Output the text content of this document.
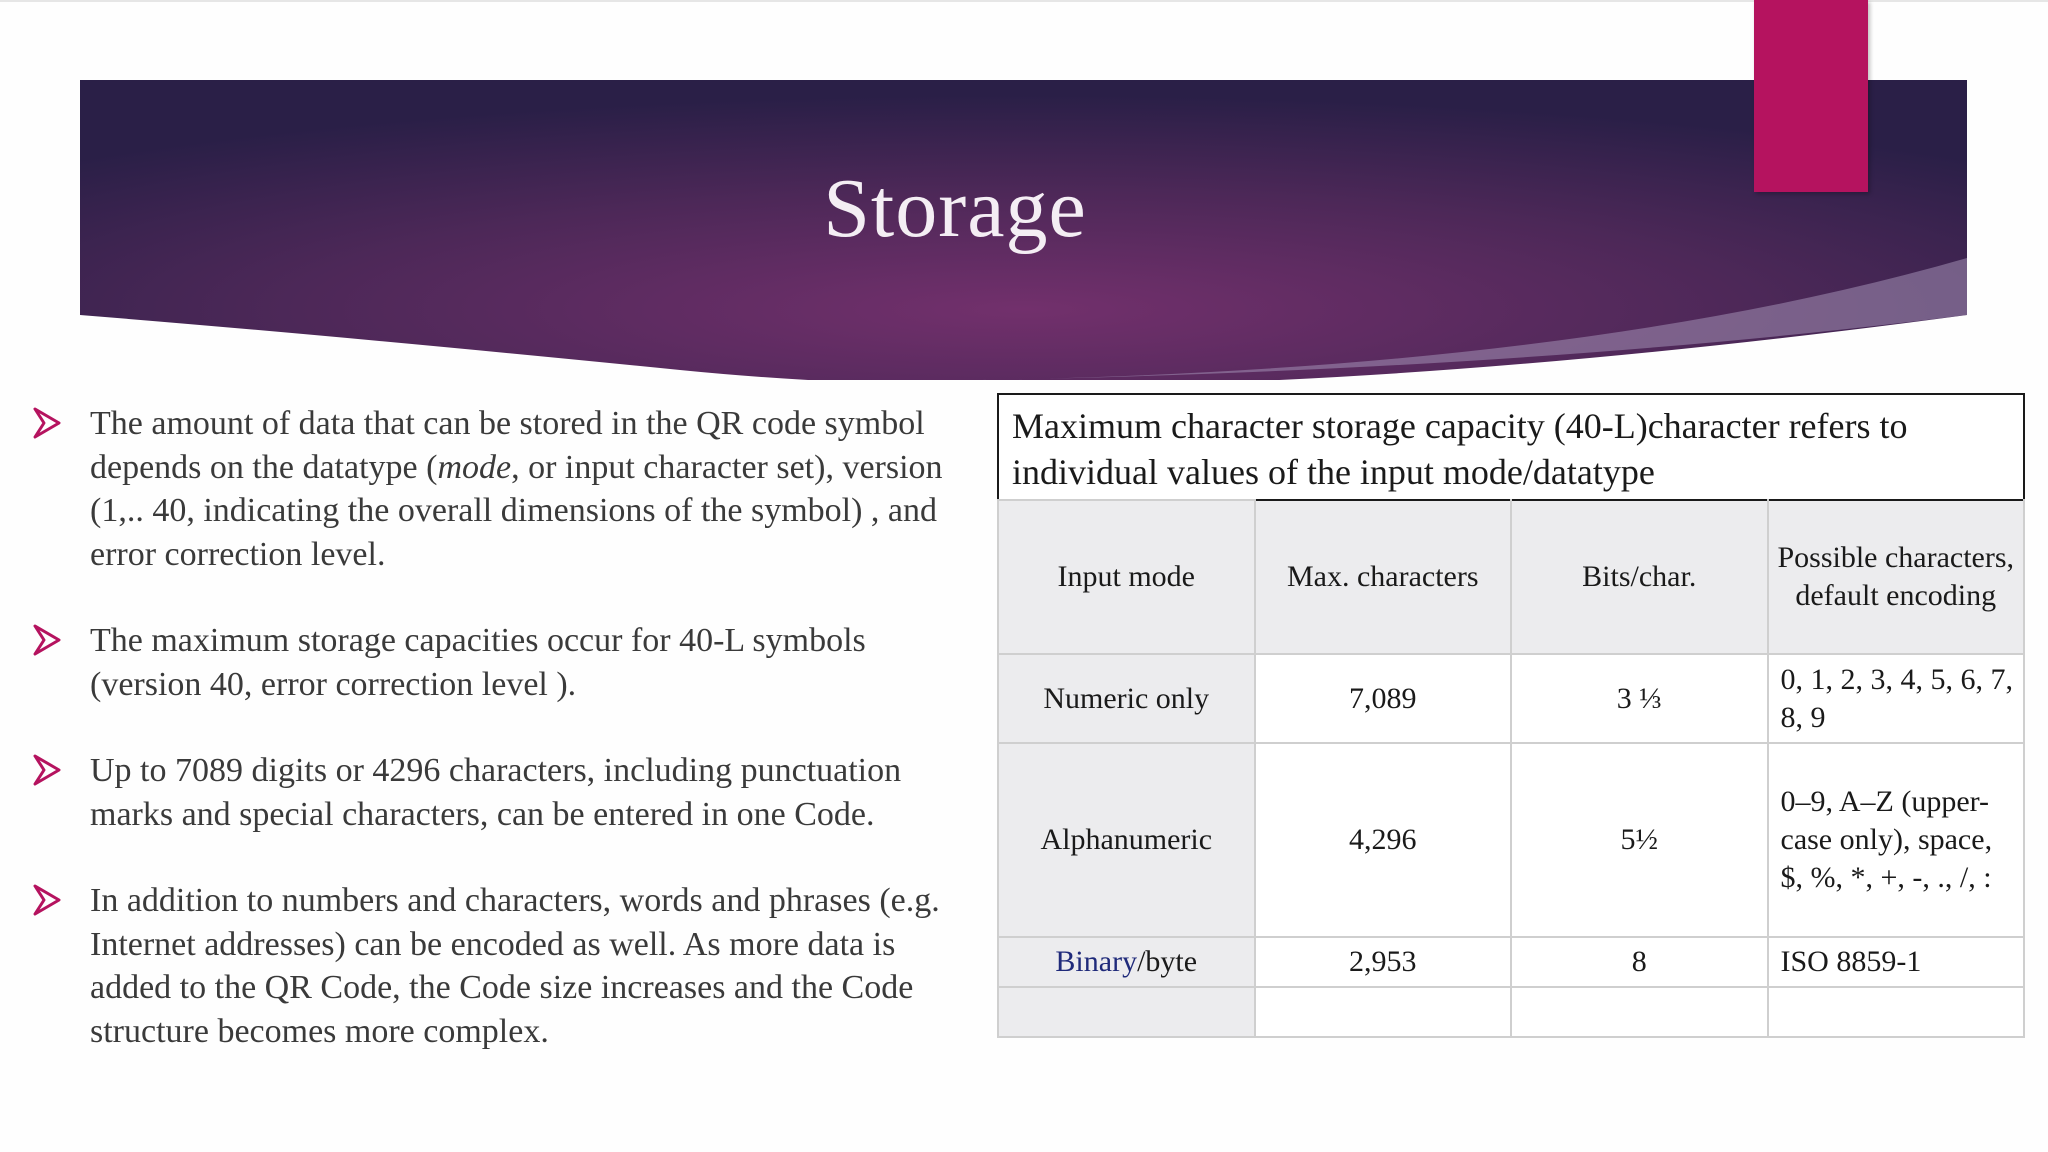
Storage
The amount of data that can be stored in the QR code symbol depends on the datatype (mode, or input character set), version (1,.. 40, indicating the overall dimensions of the symbol) , and error correction level.
The maximum storage capacities occur for 40-L symbols (version 40, error correction level ).
Up to 7089 digits or 4296 characters, including punctuation marks and special characters, can be entered in one Code.
In addition to numbers and characters, words and phrases (e.g. Internet addresses) can be encoded as well. As more data is added to the QR Code, the Code size increases and the Code structure becomes more complex.
Maximum character storage capacity (40-L)character refers to individual values of the input mode/datatype
Input mode	Max. characters	Bits/char.	Possible characters, default encoding
Numeric only	7,089	3 ⅓	0, 1, 2, 3, 4, 5, 6, 7, 8, 9
Alphanumeric	4,296	5½	0–9, A–Z (upper-case only), space, $, %, *, +, -, ., /, :
Binary/byte	2,953	8	ISO 8859-1
